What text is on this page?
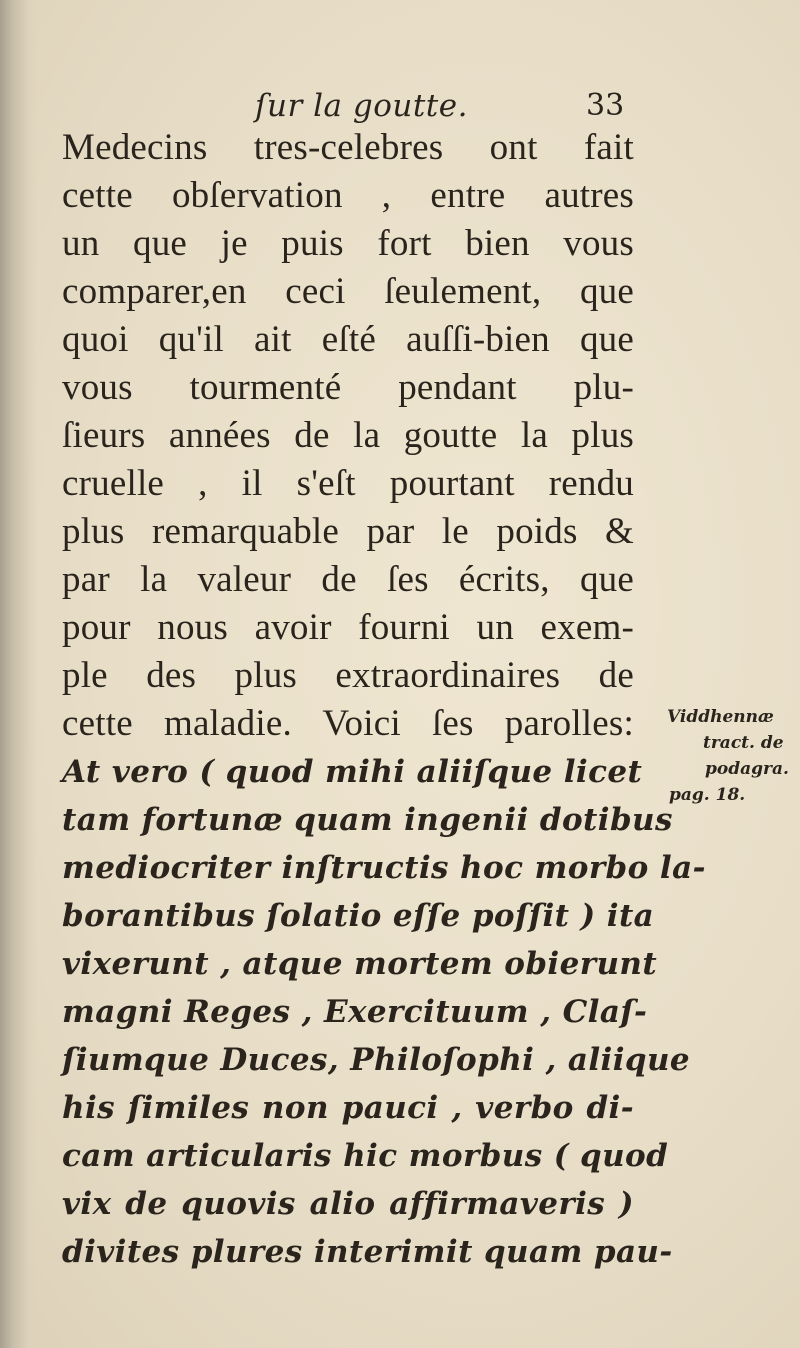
ſur la goutte.	33
Medecins tres-celebres ont fait
cette obſervation , entre autres
un que je puis fort bien vous
comparer,en ceci ſeulement, que
quoi qu'il ait eſté auſſi-bien que
vous tourmenté pendant plu-
ſieurs années de la goutte la plus
cruelle , il s'eſt pourtant rendu
plus remarquable par le poids &
par la valeur de ſes écrits, que
pour nous avoir fourni un exem-
ple des plus extraordinaires de
cette maladie. Voici ſes parolles:
At vero ( quod mihi aliiſque licet
tam fortunæ quam ingenii dotibus
mediocriter inſtructis hoc morbo la-
borantibus ſolatio eſſe poſſit ) ita
vixerunt , atque mortem obierunt
magni Reges , Exercituum , Claſ-
ſiumque Duces, Philoſophi , aliique
his ſimiles non pauci , verbo di-
cam articularis hic morbus ( quod
vix de quovis alio affirmaveris )
divites plures interimit quam pau-
Viddhennæ
tract. de
podagra.
pag. 18.
